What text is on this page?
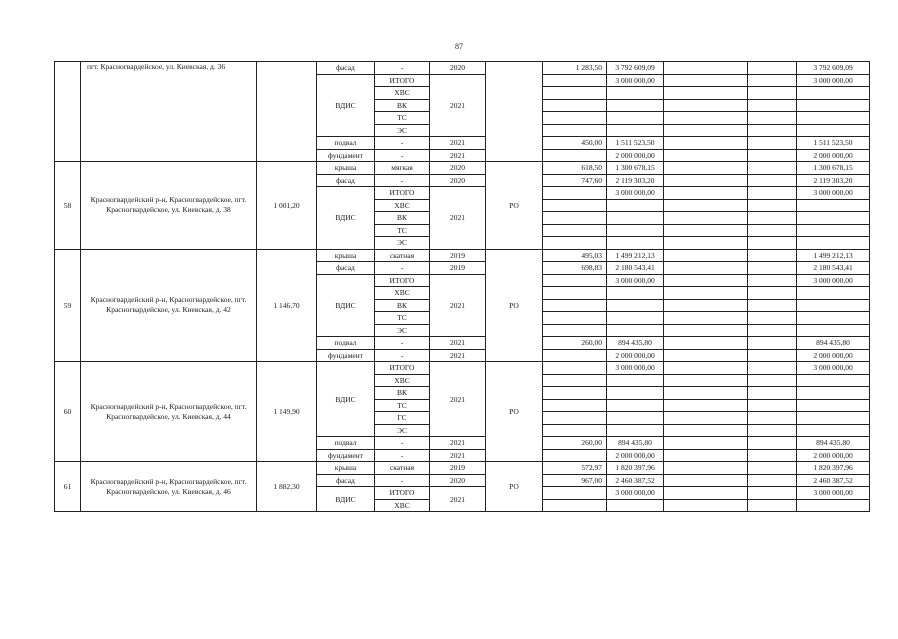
87
	пгт. Красногвардейское, ул. Киевская, д. 36		фасад	-	2020		1 283,50	3 792 609,09			3 792 609,09
			ВДИС	ИТОГО	2021			3 000 000,00			3 000 000,00
				ХВС							
				ВК							
				ТС							
				ЭС							
			подвал	-	2021		450,00	1 511 523,50			1 511 523,50
			фундамент	-	2021			2 000 000,00			2 000 000,00
58	Красногвардейский р-н, Красногвардейское, пгт. Красногвардейское, ул. Киевская, д. 38	1 001,20	крыша	мягкая	2020	РО	618,50	1 300 678,15			1 300 678,15
			фасад	-	2020		747,60	2 119 303,20			2 119 303,20
			ВДИС	ИТОГО	2021			3 000 000,00			3 000 000,00
				ХВС							
				ВК							
				ТС							
				ЭС							
59	Красногвардейский р-н, Красногвардейское, пгт. Красногвардейское, ул. Киевская, д. 42	1 146,70	крыша	скатная	2019	РО	495,03	1 499 212,13			1 499 212,13
			фасад	-	2019		698,83	2 180 543,41			2 180 543,41
			ВДИС	ИТОГО	2021			3 000 000,00			3 000 000,00
				ХВС							
				ВК							
				ТС							
				ЭС							
			подвал	-	2021		260,00	894 435,80			894 435,80
			фундамент	-	2021			2 000 000,00			2 000 000,00
60	Красногвардейский р-н, Красногвардейское, пгт. Красногвардейское, ул. Киевская, д. 44	1 149,90	ВДИС	ИТОГО	2021	РО		3 000 000,00			3 000 000,00
				ХВС							
				ВК							
				ТС							
				ГС							
				ЭС							
			подвал	-	2021		260,00	894 435,80			894 435,80
			фундамент	-	2021			2 000 000,00			2 000 000,00
61	Красногвардейский р-н, Красногвардейское, пгт. Красногвардейское, ул. Киевская, д. 46	1 882,30	крыша	скатная	2019	РО	572,97	1 820 397,96			1 820 397,96
			фасад	-	2020		967,00	2 460 387,52			2 460 387,52
			ВДИС	ИТОГО	2021			3 000 000,00			3 000 000,00
				ХВС							
